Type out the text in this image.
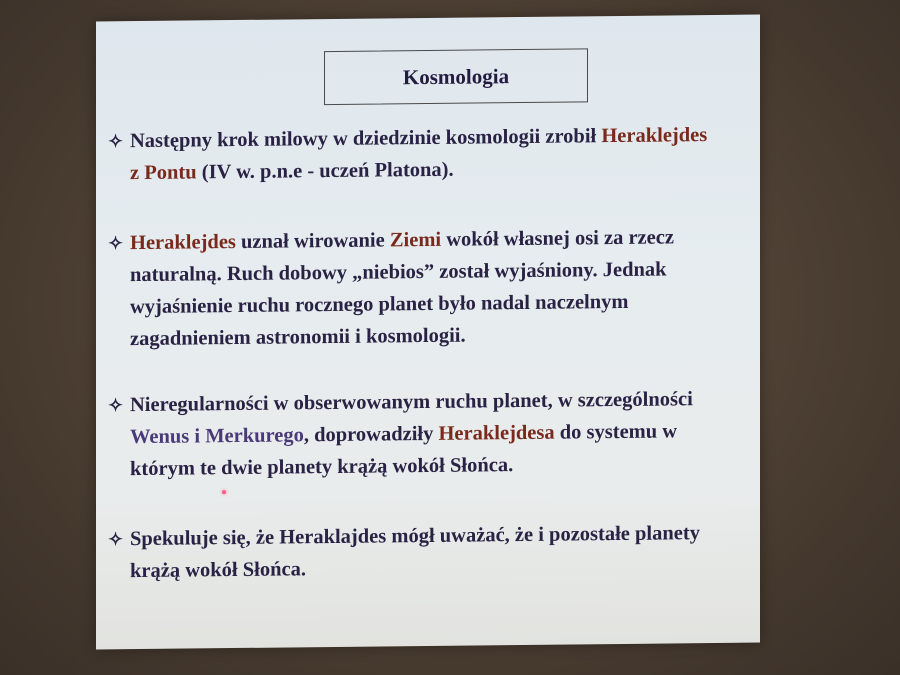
Kosmologia
✧ Następny krok milowy w dziedzinie kosmologii zrobił Heraklejdes
z Pontu (IV w. p.n.e - uczeń Platona).
✧ Heraklejdes uznał wirowanie Ziemi wokół własnej osi za rzecz
naturalną. Ruch dobowy „niebios” został wyjaśniony. Jednak
wyjaśnienie ruchu rocznego planet było nadal naczelnym
zagadnieniem astronomii i kosmologii.
✧ Nieregularności w obserwowanym ruchu planet, w szczególności
Wenus i Merkurego, doprowadziły Heraklejdesa do systemu w
którym te dwie planety krążą wokół Słońca.
✧ Spekuluje się, że Heraklajdes mógł uważać, że i pozostałe planety
krążą wokół Słońca.
